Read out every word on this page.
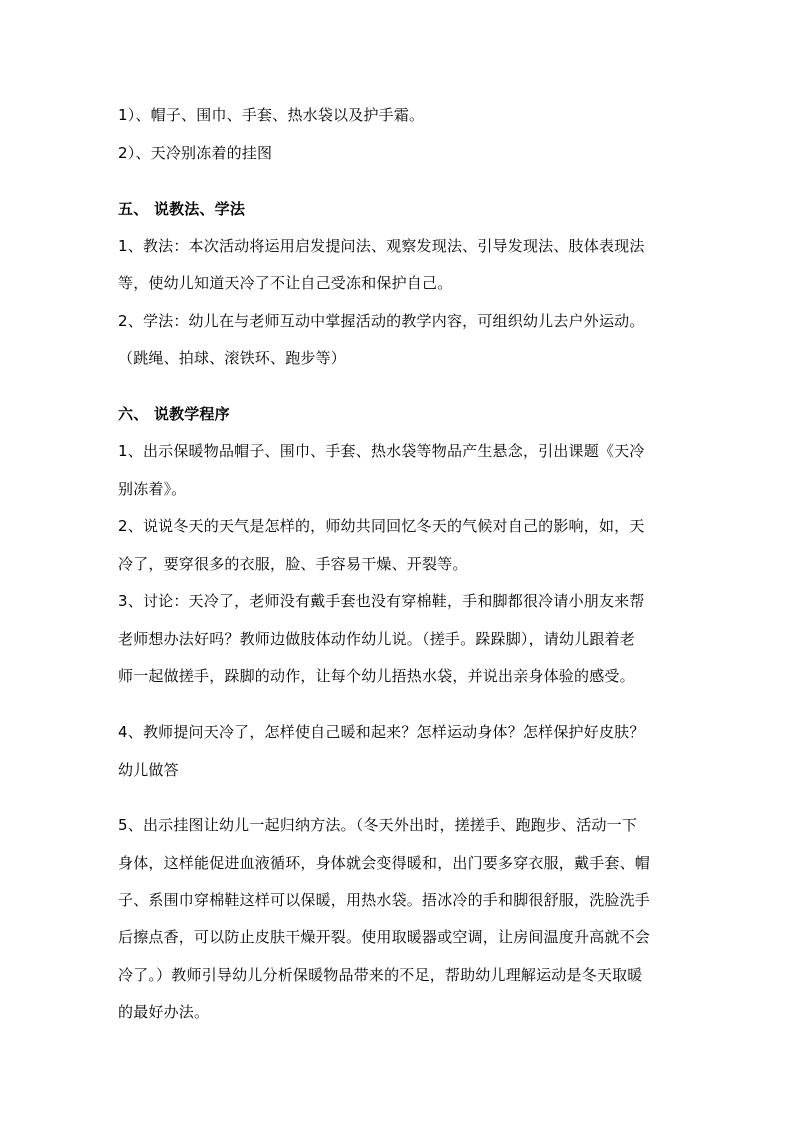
1）、帽子、围巾、手套、热水袋以及护手霜。
2）、天冷别冻着的挂图
五、 说教法、学法
1、教法：本次活动将运用启发提问法、观察发现法、引导发现法、肢体表现法
等，使幼儿知道天冷了不让自己受冻和保护自己。
2、学法：幼儿在与老师互动中掌握活动的教学内容，可组织幼儿去户外运动。
（跳绳、拍球、滚铁环、跑步等）
六、 说教学程序
1、出示保暖物品帽子、围巾、手套、热水袋等物品产生悬念，引出课题《天冷
别冻着》。
2、说说冬天的天气是怎样的，师幼共同回忆冬天的气候对自己的影响，如，天
冷了，要穿很多的衣服，脸、手容易干燥、开裂等。
3、讨论：天冷了，老师没有戴手套也没有穿棉鞋，手和脚都很冷请小朋友来帮
老师想办法好吗？教师边做肢体动作幼儿说。（搓手。跺跺脚），请幼儿跟着老
师一起做搓手，跺脚的动作，让每个幼儿捂热水袋，并说出亲身体验的感受。
4、教师提问天冷了，怎样使自己暖和起来？怎样运动身体？怎样保护好皮肤？
幼儿做答
5、出示挂图让幼儿一起归纳方法。（冬天外出时，搓搓手、跑跑步、活动一下
身体，这样能促进血液循环，身体就会变得暖和，出门要多穿衣服，戴手套、帽
子、系围巾穿棉鞋这样可以保暖，用热水袋。捂冰冷的手和脚很舒服，洗脸洗手
后擦点香，可以防止皮肤干燥开裂。使用取暖器或空调，让房间温度升高就不会
冷了。）教师引导幼儿分析保暖物品带来的不足，帮助幼儿理解运动是冬天取暖
的最好办法。
